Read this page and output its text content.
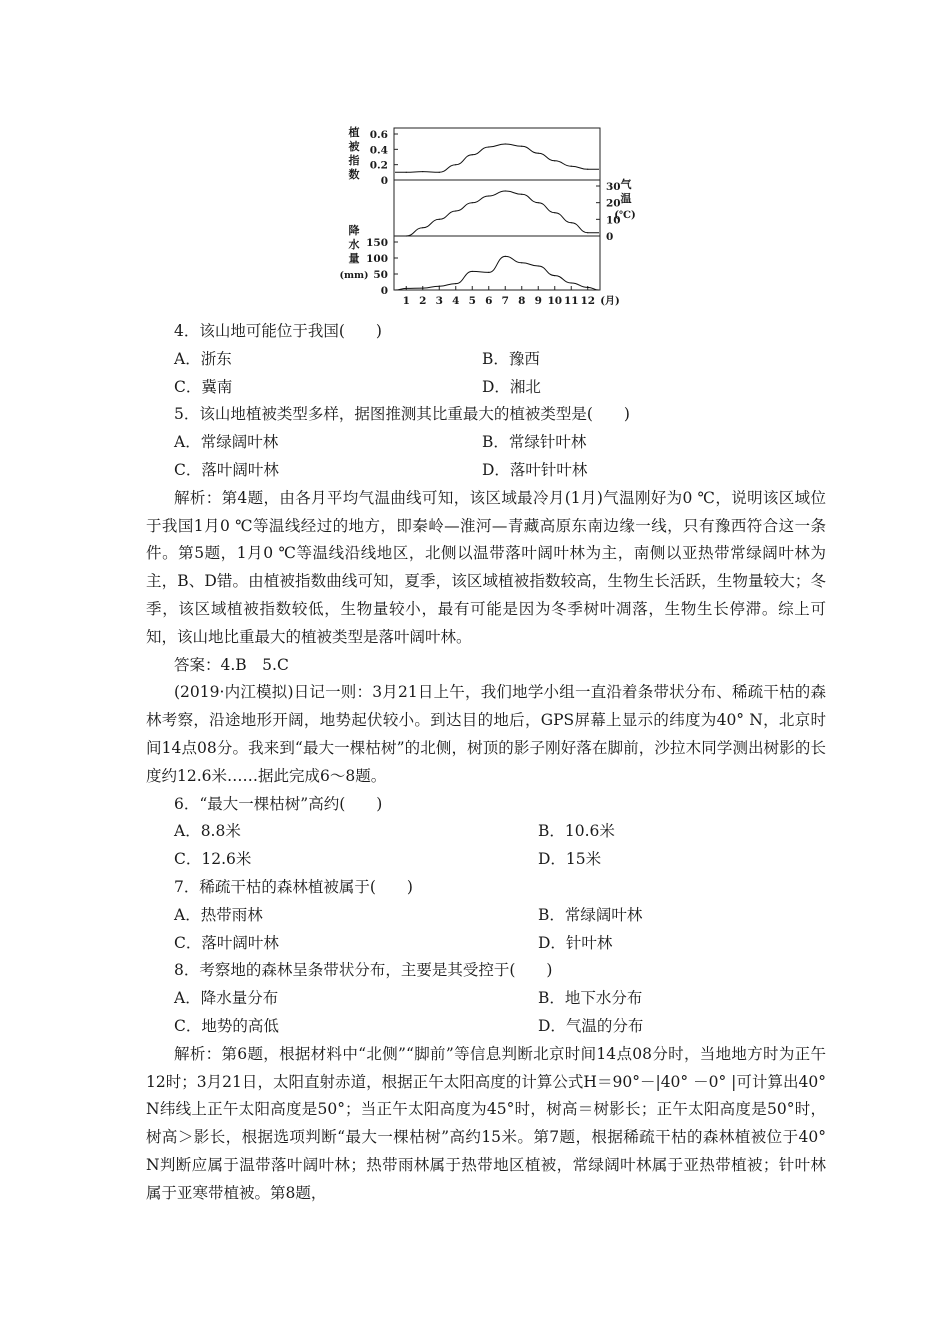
0.6
0.4
0.2
0
植
被
指
数
30
20
10
0
气
温
(℃)
150
100
50
0
降
水
量
(mm)
1 2 3 4 5 6 7 8 9 10 11 12 (月)
4．该山地可能位于我国(　　)
A．浙东	B．豫西
C．冀南	D．湘北
5．该山地植被类型多样，据图推测其比重最大的植被类型是(　　)
A．常绿阔叶林	B．常绿针叶林
C．落叶阔叶林	D．落叶针叶林

解析：第4题，由各月平均气温曲线可知，该区域最冷月(1月)气温刚好为0 ℃，说明该区域位于我国1月0 ℃等温线经过的地方，即秦岭—淮河—青藏高原东南边缘一线，只有豫西符合这一条件。第5题，1月0 ℃等温线沿线地区，北侧以温带落叶阔叶林为主，南侧以亚热带常绿阔叶林为主，B、D错。由植被指数曲线可知，夏季，该区域植被指数较高，生物生长活跃，生物量较大；冬季，该区域植被指数较低，生物量较小，最有可能是因为冬季树叶凋落，生物生长停滞。综上可知，该山地比重最大的植被类型是落叶阔叶林。

答案：4.B　5.C

(2019·内江模拟)日记一则：3月21日上午，我们地学小组一直沿着条带状分布、稀疏干枯的森林考察，沿途地形开阔，地势起伏较小。到达目的地后，GPS屏幕上显示的纬度为40° N，北京时间14点08分。我来到“最大一棵枯树”的北侧，树顶的影子刚好落在脚前，沙拉木同学测出树影的长度约12.6米……据此完成6～8题。

6．“最大一棵枯树”高约(　　)
A．8.8米	B．10.6米
C．12.6米	D．15米
7．稀疏干枯的森林植被属于(　　)
A．热带雨林	B．常绿阔叶林
C．落叶阔叶林	D．针叶林
8．考察地的森林呈条带状分布，主要是其受控于(　　)
A．降水量分布	B．地下水分布
C．地势的高低	D．气温的分布

解析：第6题，根据材料中“北侧”“脚前”等信息判断北京时间14点08分时，当地地方时为正午12时；3月21日，太阳直射赤道，根据正午太阳高度的计算公式H＝90°－|40° －0° |可计算出40° N纬线上正午太阳高度是50°；当正午太阳高度为45°时，树高＝树影长；正午太阳高度是50°时，树高＞影长，根据选项判断“最大一棵枯树”高约15米。第7题，根据稀疏干枯的森林植被位于40° N判断应属于温带落叶阔叶林；热带雨林属于热带地区植被，常绿阔叶林属于亚热带植被；针叶林属于亚寒带植被。第8题，
